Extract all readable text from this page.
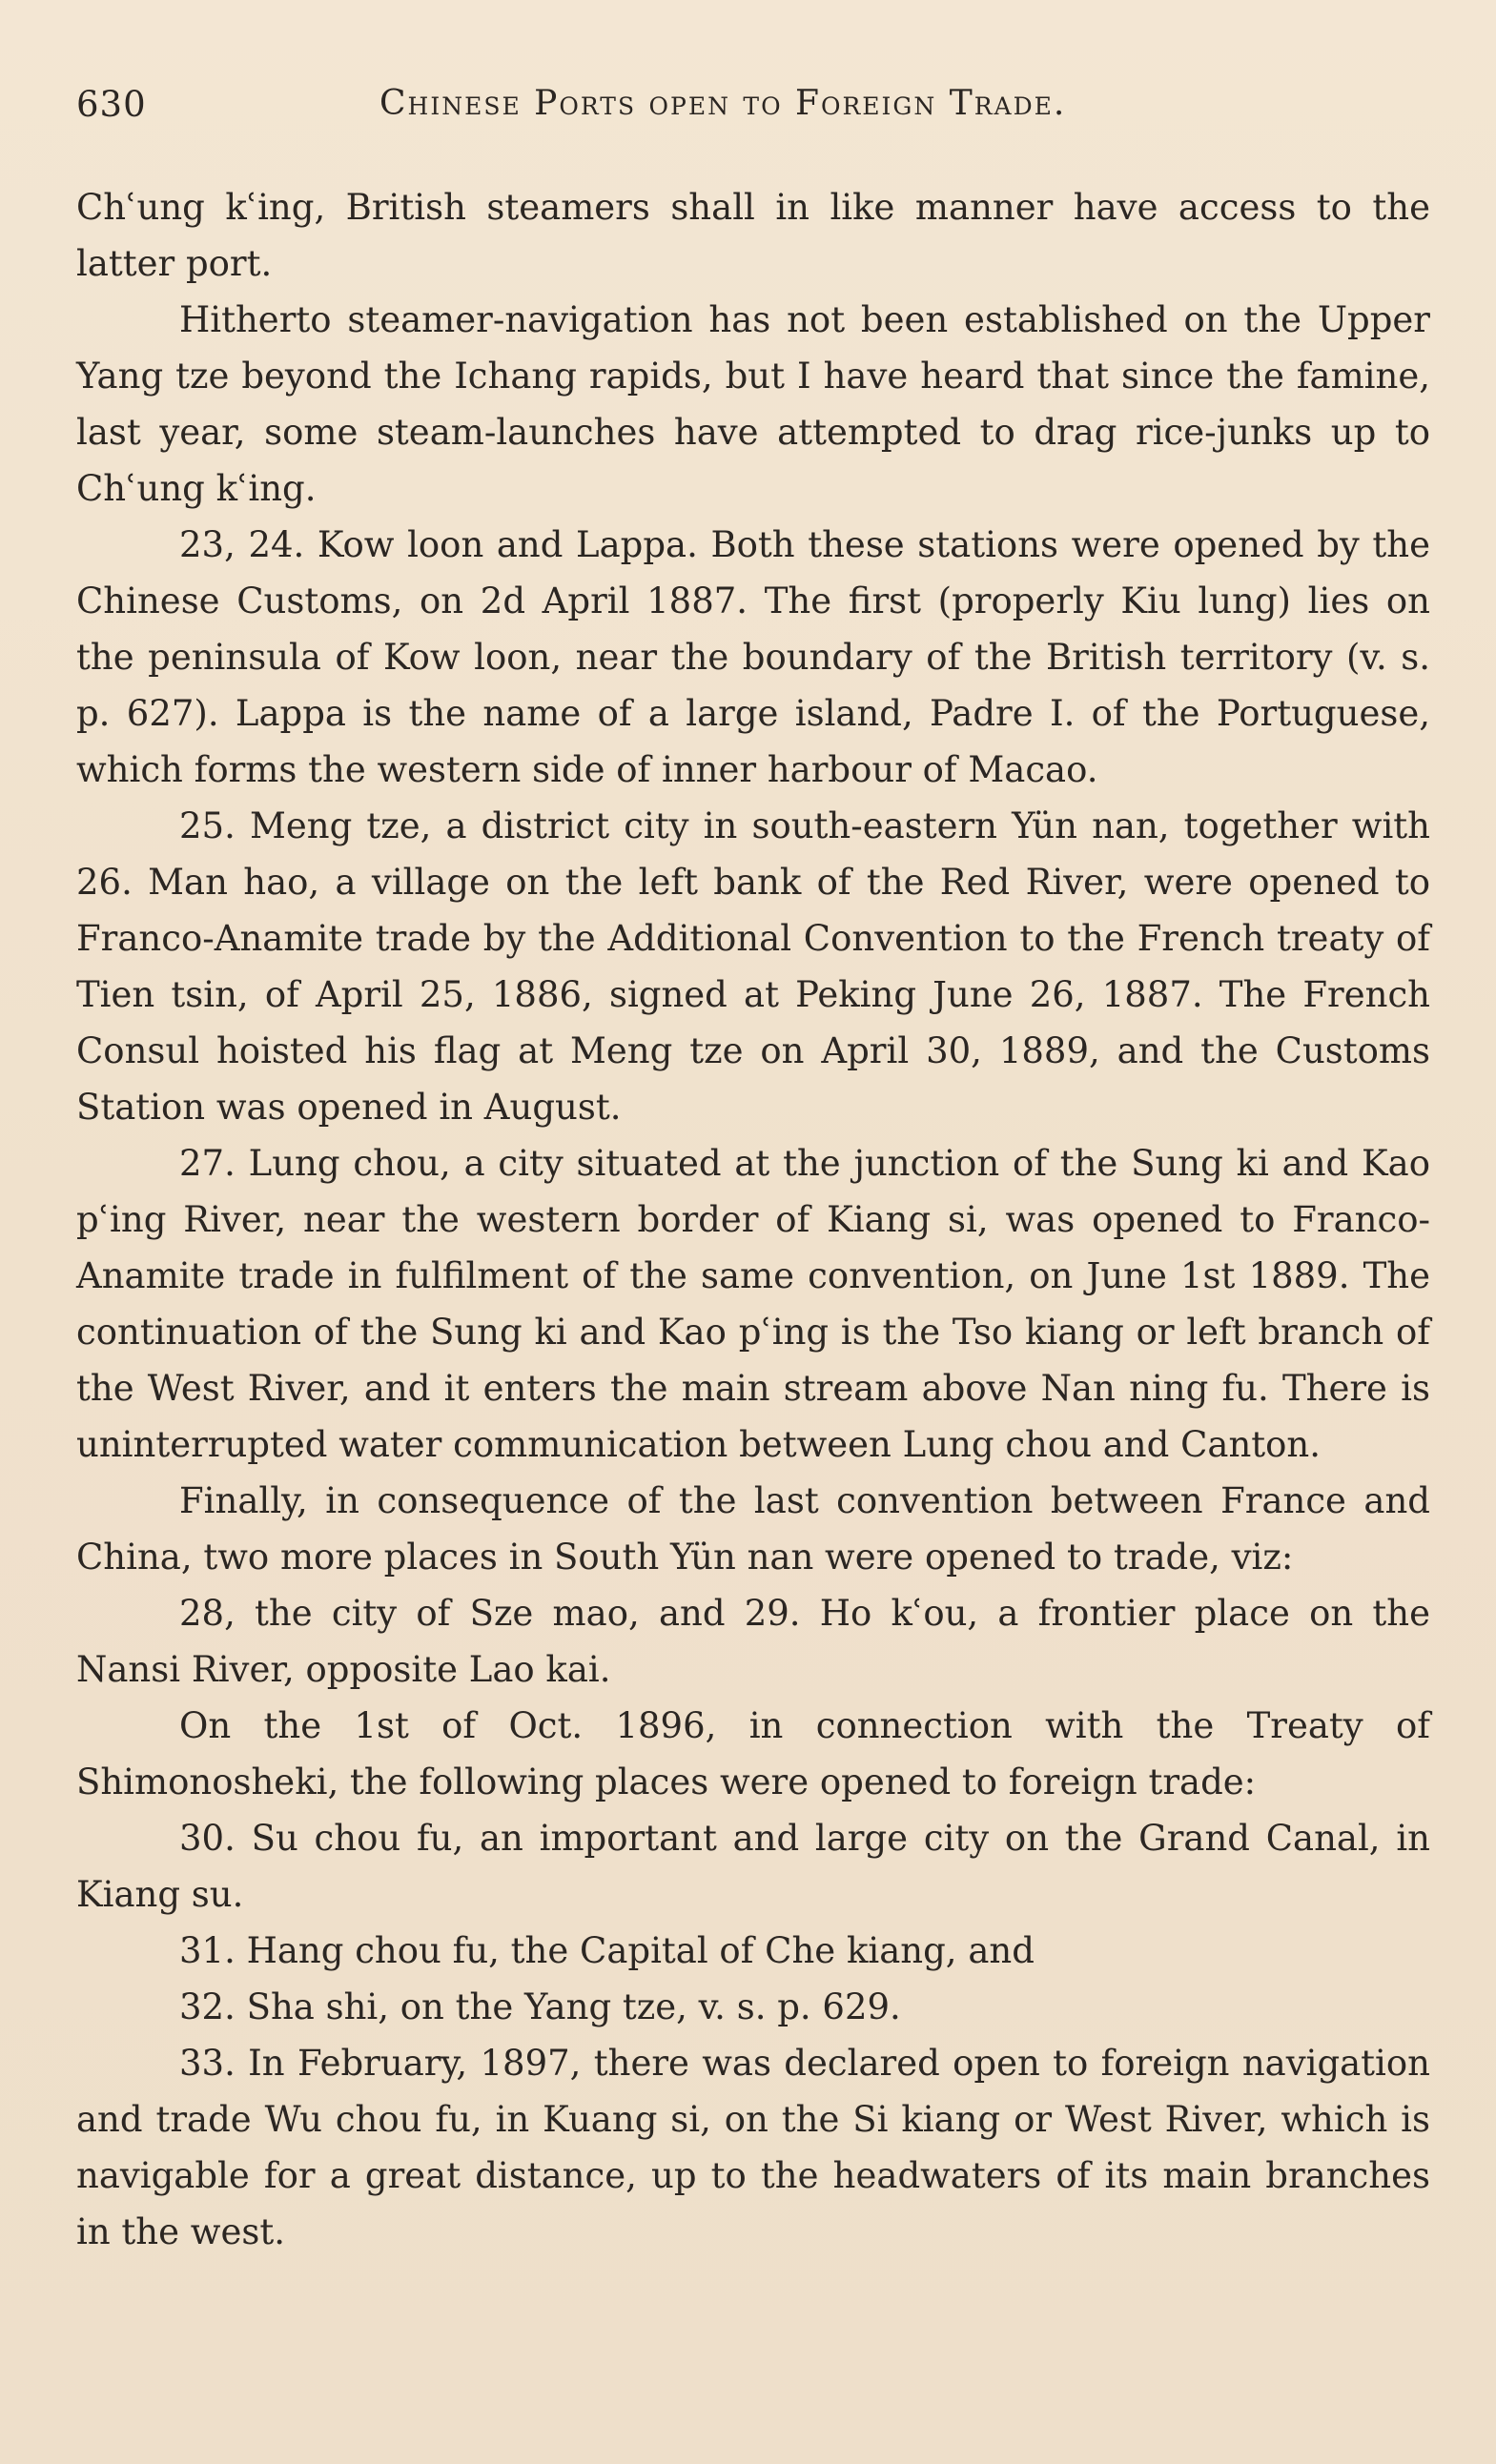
630	Chinese Ports open to Foreign Trade.

Chʿung kʿing, British steamers shall in like manner have access to the latter port.

Hitherto steamer-navigation has not been established on the Upper Yang tze beyond the Ichang rapids, but I have heard that since the famine, last year, some steam-launches have attempted to drag rice-junks up to Chʿung kʿing.

23, 24. Kow loon and Lappa. Both these stations were opened by the Chinese Customs, on 2d April 1887. The first (properly Kiu lung) lies on the peninsula of Kow loon, near the boundary of the British territory (v. s. p. 627). Lappa is the name of a large island, Padre I. of the Portuguese, which forms the western side of inner harbour of Macao.

25. Meng tze, a district city in south-eastern Yün nan, together with 26. Man hao, a village on the left bank of the Red River, were opened to Franco-Anamite trade by the Additional Convention to the French treaty of Tien tsin, of April 25, 1886, signed at Peking June 26, 1887. The French Consul hoisted his flag at Meng tze on April 30, 1889, and the Customs Station was opened in August.

27. Lung chou, a city situated at the junction of the Sung ki and Kao pʿing River, near the western border of Kiang si, was opened to Franco-Anamite trade in fulfilment of the same convention, on June 1st 1889. The continuation of the Sung ki and Kao pʿing is the Tso kiang or left branch of the West River, and it enters the main stream above Nan ning fu. There is uninterrupted water communication between Lung chou and Canton.

Finally, in consequence of the last convention between France and China, two more places in South Yün nan were opened to trade, viz:

28, the city of Sze mao, and 29. Ho kʿou, a frontier place on the Nansi River, opposite Lao kai.

On the 1st of Oct. 1896, in connection with the Treaty of Shimonosheki, the following places were opened to foreign trade:

30. Su chou fu, an important and large city on the Grand Canal, in Kiang su.

31. Hang chou fu, the Capital of Che kiang, and

32. Sha shi, on the Yang tze, v. s. p. 629.

33. In February, 1897, there was declared open to foreign navigation and trade Wu chou fu, in Kuang si, on the Si kiang or West River, which is navigable for a great distance, up to the headwaters of its main branches in the west.
